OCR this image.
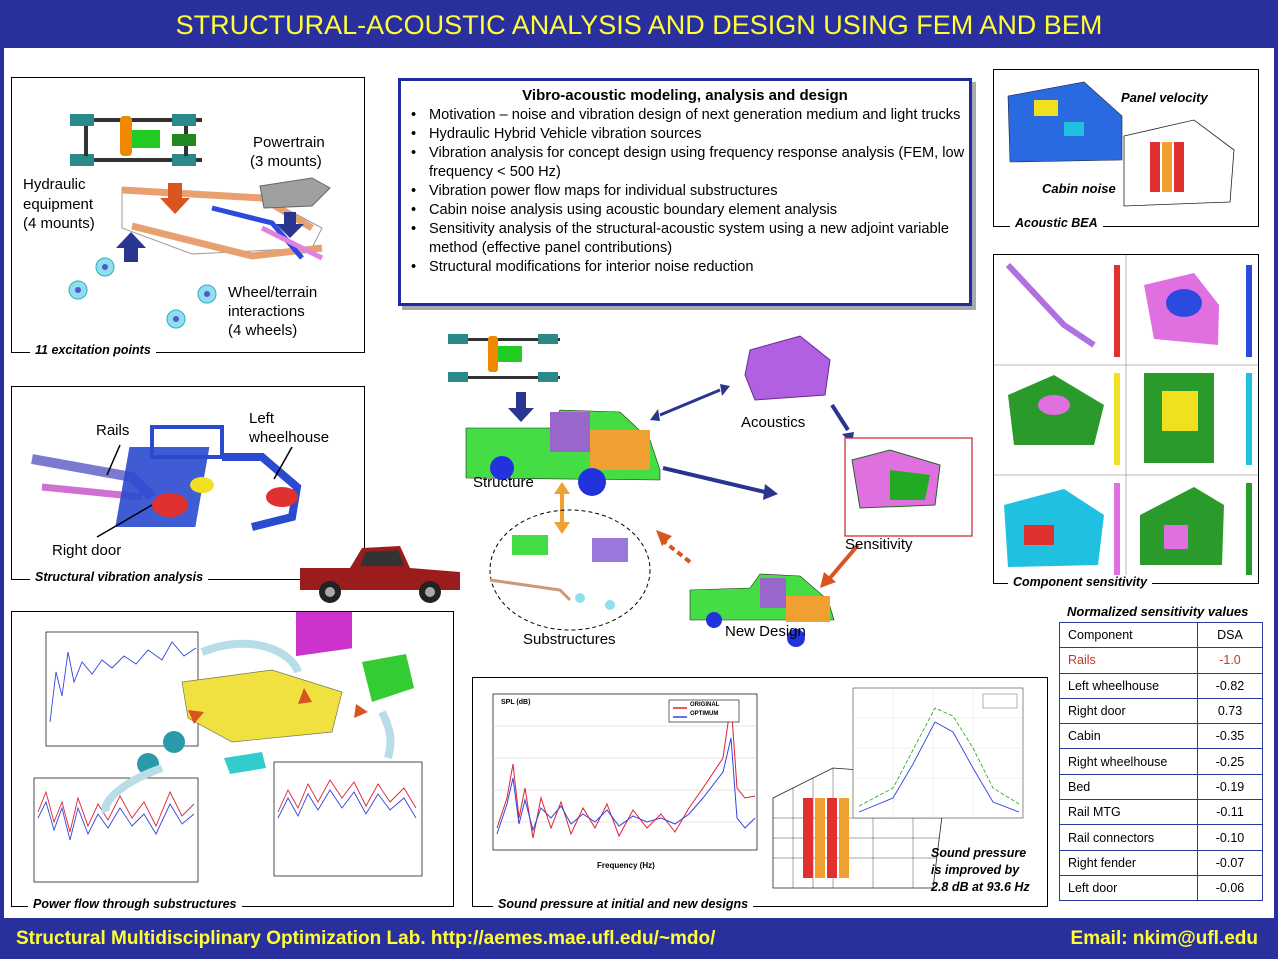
STRUCTURAL-ACOUSTIC ANALYSIS AND DESIGN USING FEM AND BEM
Powertrain
(3 mounts)
Hydraulic
equipment
(4 mounts)
Wheel/terrain
interactions
(4 wheels)
11 excitation points
Rails
Left
wheelhouse
Right door
Structural vibration analysis
Vibro-acoustic modeling, analysis and design
• Motivation – noise and vibration design of next generation medium and light trucks
• Hydraulic Hybrid Vehicle vibration sources
• Vibration analysis for concept design using frequency response analysis (FEM, low frequency < 500 Hz)
• Vibration power flow maps for individual substructures
• Cabin noise analysis using acoustic boundary element analysis
• Sensitivity analysis of the structural-acoustic system using a new adjoint variable method (effective panel contributions)
• Structural modifications for interior noise reduction
Acoustics
Structure
Sensitivity
Substructures	New Design
Panel velocity
Cabin noise
Acoustic BEA
Component sensitivity
Normalized sensitivity values
Component	DSA
Rails	-1.0
Left wheelhouse	-0.82
Right door	0.73
Cabin	-0.35
Right wheelhouse	-0.25
Bed	-0.19
Rail MTG	-0.11
Rail connectors	-0.10
Right fender	-0.07
Left door	-0.06
Power flow through substructures
SPL (dB)
Frequency (Hz)
ORIGINAL
OPTIMUM
Sound pressure
is improved by
2.8 dB at 93.6 Hz
Sound pressure at initial and new designs
Structural Multidisciplinary Optimization Lab. http://aemes.mae.ufl.edu/~mdo/	Email: nkim@ufl.edu
